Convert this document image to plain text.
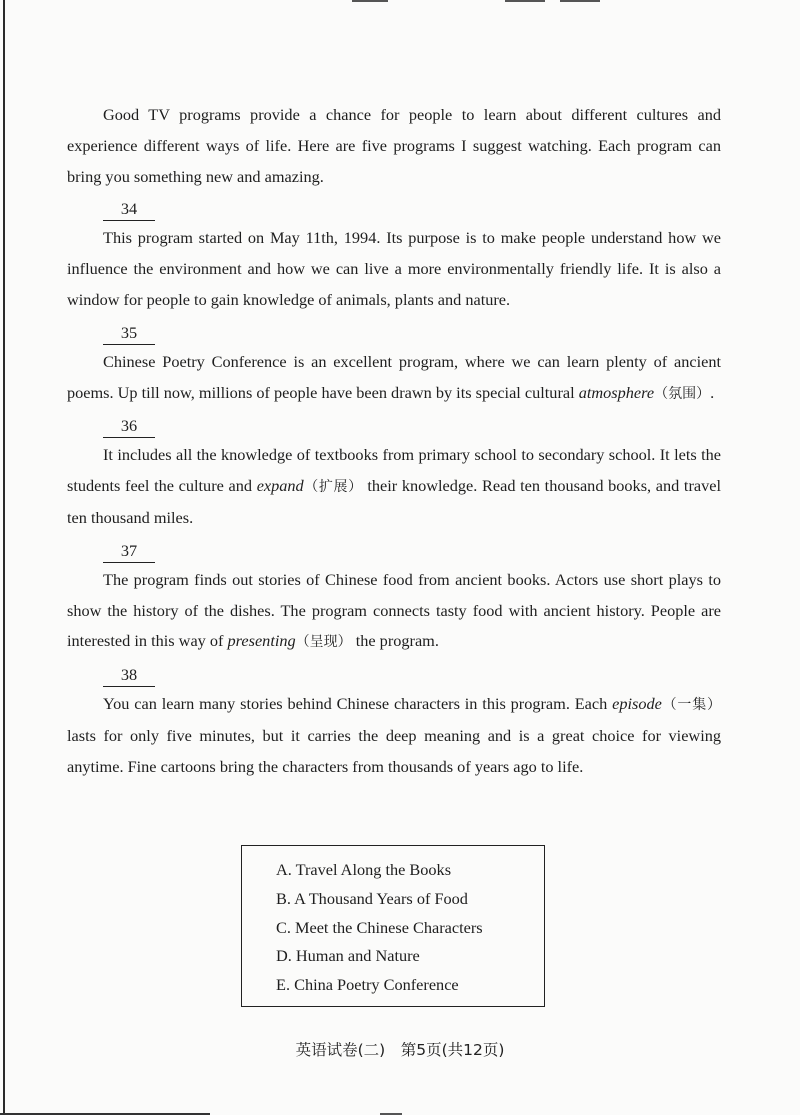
Good TV programs provide a chance for people to learn about different cultures and experience different ways of life. Here are five programs I suggest watching. Each program can bring you something new and amazing.

34

This program started on May 11th, 1994. Its purpose is to make people understand how we influence the environment and how we can live a more environmentally friendly life. It is also a window for people to gain knowledge of animals, plants and nature.

35

Chinese Poetry Conference is an excellent program, where we can learn plenty of ancient poems. Up till now, millions of people have been drawn by its special cultural atmosphere（氛围）.

36

It includes all the knowledge of textbooks from primary school to secondary school. It lets the students feel the culture and expand（扩展） their knowledge. Read ten thousand books, and travel ten thousand miles.

37

The program finds out stories of Chinese food from ancient books. Actors use short plays to show the history of the dishes. The program connects tasty food with ancient history. People are interested in this way of presenting（呈现） the program.

38

You can learn many stories behind Chinese characters in this program. Each episode（一集） lasts for only five minutes, but it carries the deep meaning and is a great choice for viewing anytime. Fine cartoons bring the characters from thousands of years ago to life.

A. Travel Along the Books

B. A Thousand Years of Food

C. Meet the Chinese Characters

D. Human and Nature

E. China Poetry Conference

英语试卷(二)　第5页(共12页)
